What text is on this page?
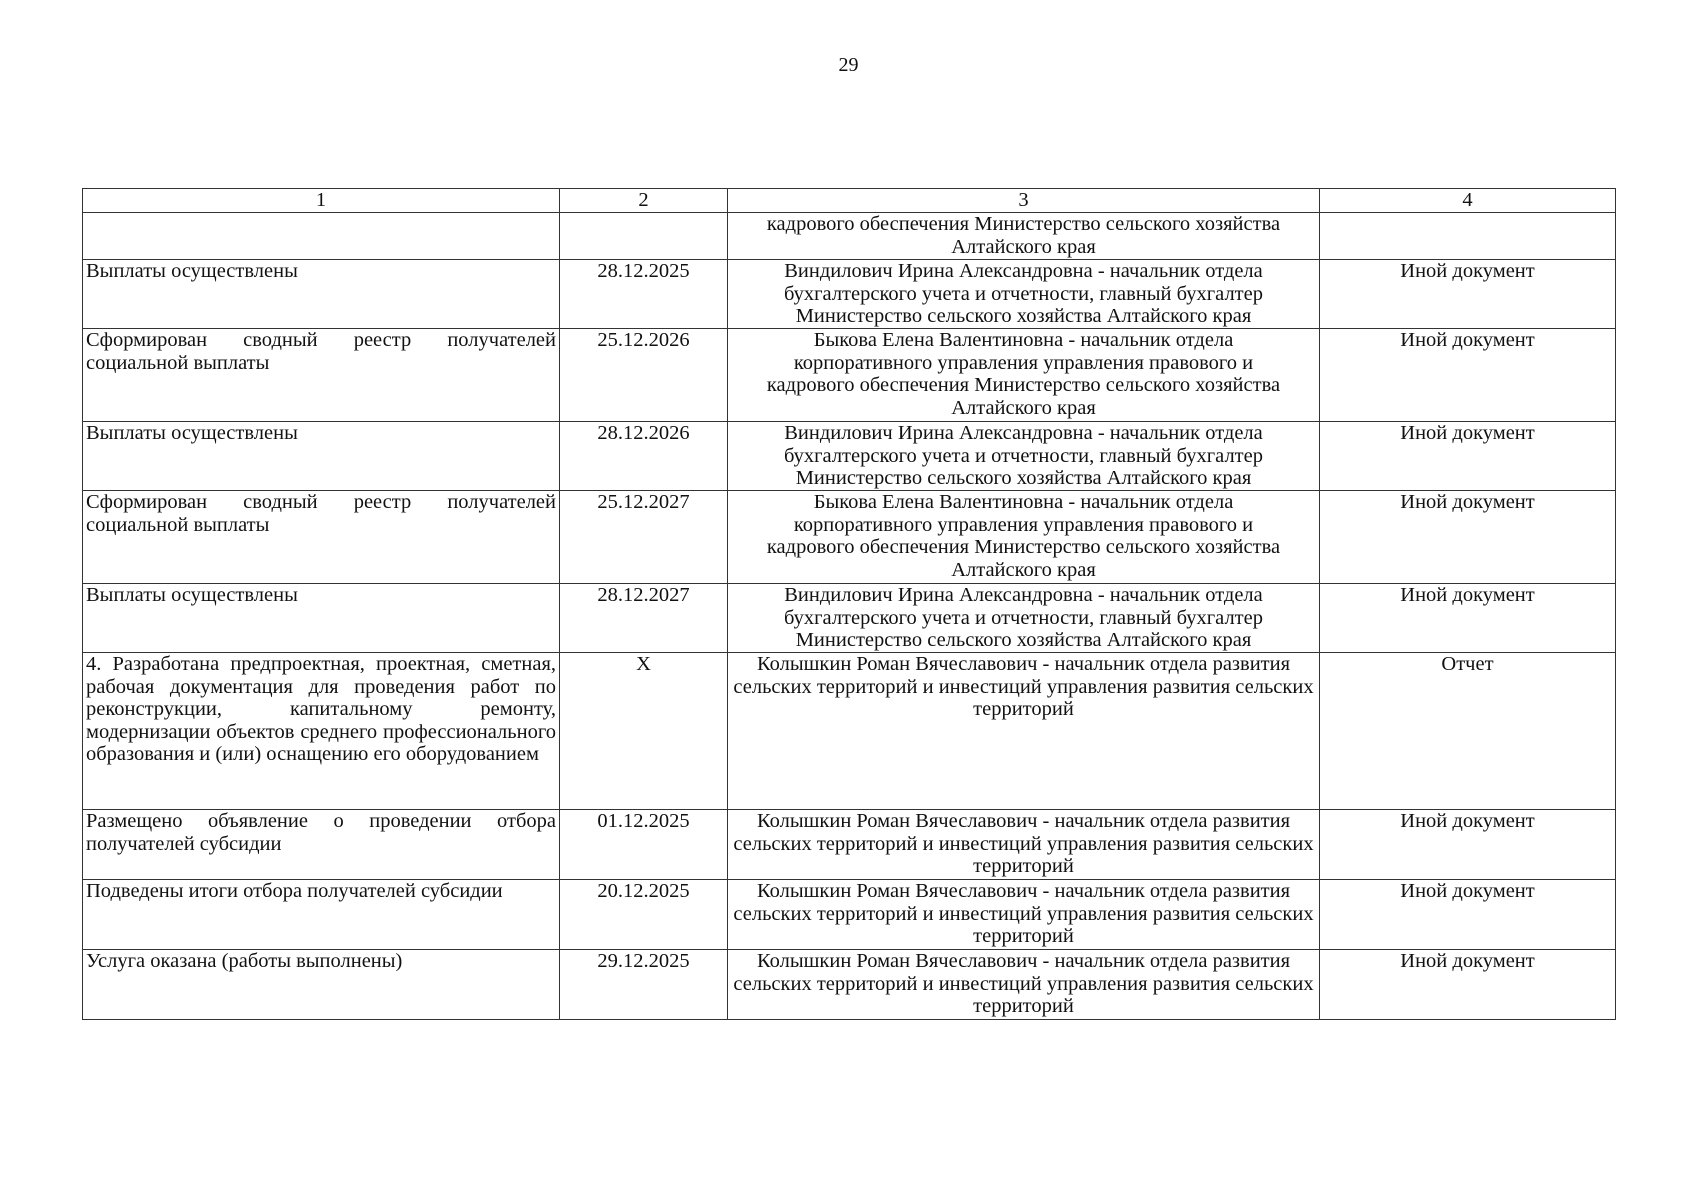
29
1	2	3	4
		кадрового обеспечения Министерство сельского хозяйства Алтайского края	
Выплаты осуществлены	28.12.2025	Виндилович Ирина Александровна - начальник отдела бухгалтерского учета и отчетности, главный бухгалтер Министерство сельского хозяйства Алтайского края	Иной документ
Сформирован сводный реестр получателей социальной выплаты	25.12.2026	Быкова Елена Валентиновна - начальник отдела корпоративного управления управления правового и кадрового обеспечения Министерство сельского хозяйства Алтайского края	Иной документ
Выплаты осуществлены	28.12.2026	Виндилович Ирина Александровна - начальник отдела бухгалтерского учета и отчетности, главный бухгалтер Министерство сельского хозяйства Алтайского края	Иной документ
Сформирован сводный реестр получателей социальной выплаты	25.12.2027	Быкова Елена Валентиновна - начальник отдела корпоративного управления управления правового и кадрового обеспечения Министерство сельского хозяйства Алтайского края	Иной документ
Выплаты осуществлены	28.12.2027	Виндилович Ирина Александровна - начальник отдела бухгалтерского учета и отчетности, главный бухгалтер Министерство сельского хозяйства Алтайского края	Иной документ
4. Разработана предпроектная, проектная, сметная, рабочая документация для проведения работ по реконструкции, капитальному ремонту, модернизации объектов среднего профессионального образования и (или) оснащению его оборудованием	X	Колышкин Роман Вячеславович - начальник отдела развития сельских территорий и инвестиций управления развития сельских территорий	Отчет
Размещено объявление о проведении отбора получателей субсидии	01.12.2025	Колышкин Роман Вячеславович - начальник отдела развития сельских территорий и инвестиций управления развития сельских территорий	Иной документ
Подведены итоги отбора получателей субсидии	20.12.2025	Колышкин Роман Вячеславович - начальник отдела развития сельских территорий и инвестиций управления развития сельских территорий	Иной документ
Услуга оказана (работы выполнены)	29.12.2025	Колышкин Роман Вячеславович - начальник отдела развития сельских территорий и инвестиций управления развития сельских территорий	Иной документ
